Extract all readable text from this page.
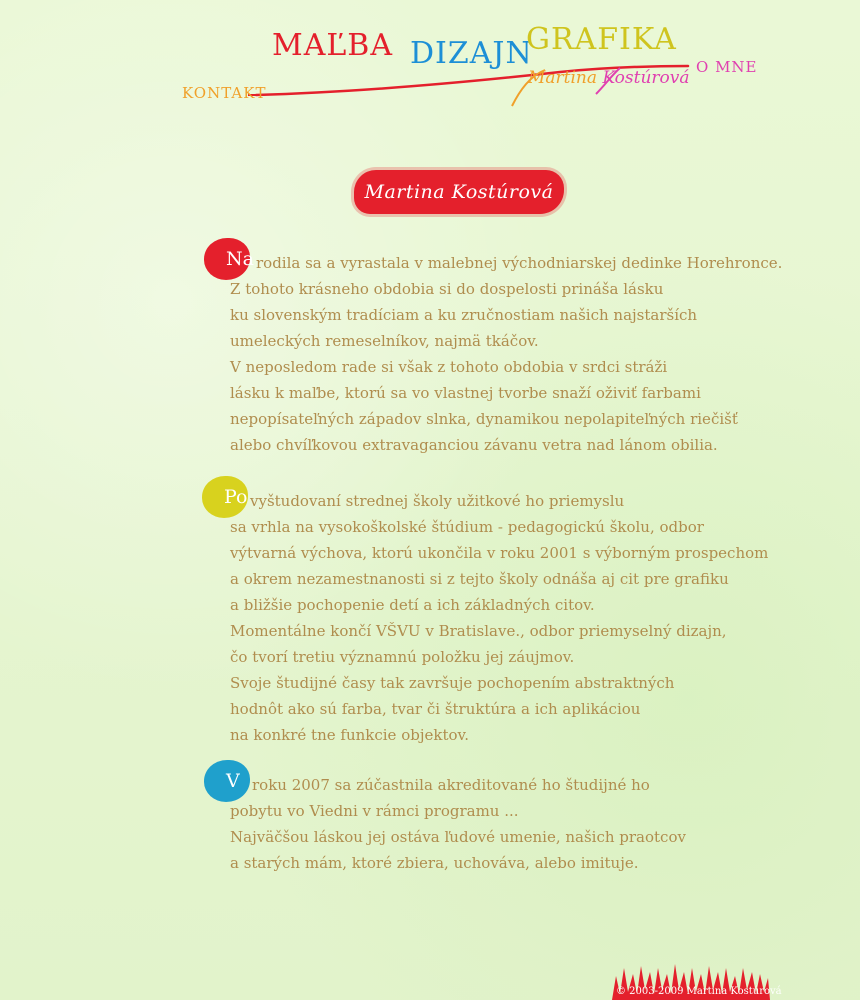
KONTAKT
MAĽBA DIZAJN
GRAFIKA
O MNE
Martina Kostúrová
Martina Kostúrová
Na rodila sa a vyrastala v malebnej východniarskej dedinke Horehronce.

Z tohoto krásneho obdobia si do dospelosti prináša lásku

ku slovenským tradíciam a ku zručnostiam našich najstarších

umeleckých remeselníkov, najmä tkáčov.

V neposledom rade si však z tohoto obdobia v srdci stráži

lásku k maľbe, ktorú sa vo vlastnej tvorbe snaží oživiť farbami

nepopísateľných západov slnka, dynamikou nepolapiteľných riečišť

alebo chvíľkovou extravaganciou závanu vetra nad lánom obilia.

Po vyštudovaní strednej školy užitkové ho priemyslu

sa vrhla na vysokoškolské štúdium - pedagogickú školu, odbor

výtvarná výchova, ktorú ukončila v roku 2001 s výborným prospechom

a okrem nezamestnanosti si z tejto školy odnáša aj cit pre grafiku

a bližšie pochopenie detí a ich základných citov.

Momentálne končí VŠVU v Bratislave., odbor priemyselný dizajn,

čo tvorí tretiu významnú položku jej záujmov.

Svoje študijné časy tak završuje pochopením abstraktných

hodnôt ako sú farba, tvar či štruktúra a ich aplikáciou

na konkré tne funkcie objektov.

V roku 2007 sa zúčastnila akreditované ho študijné ho

pobytu vo Viedni v rámci programu ...

Najväčšou láskou jej ostáva ľudové umenie, našich praotcov

a starých mám, ktoré zbiera, uchováva, alebo imituje.

© 2003-2009 Martina Kostúrová
